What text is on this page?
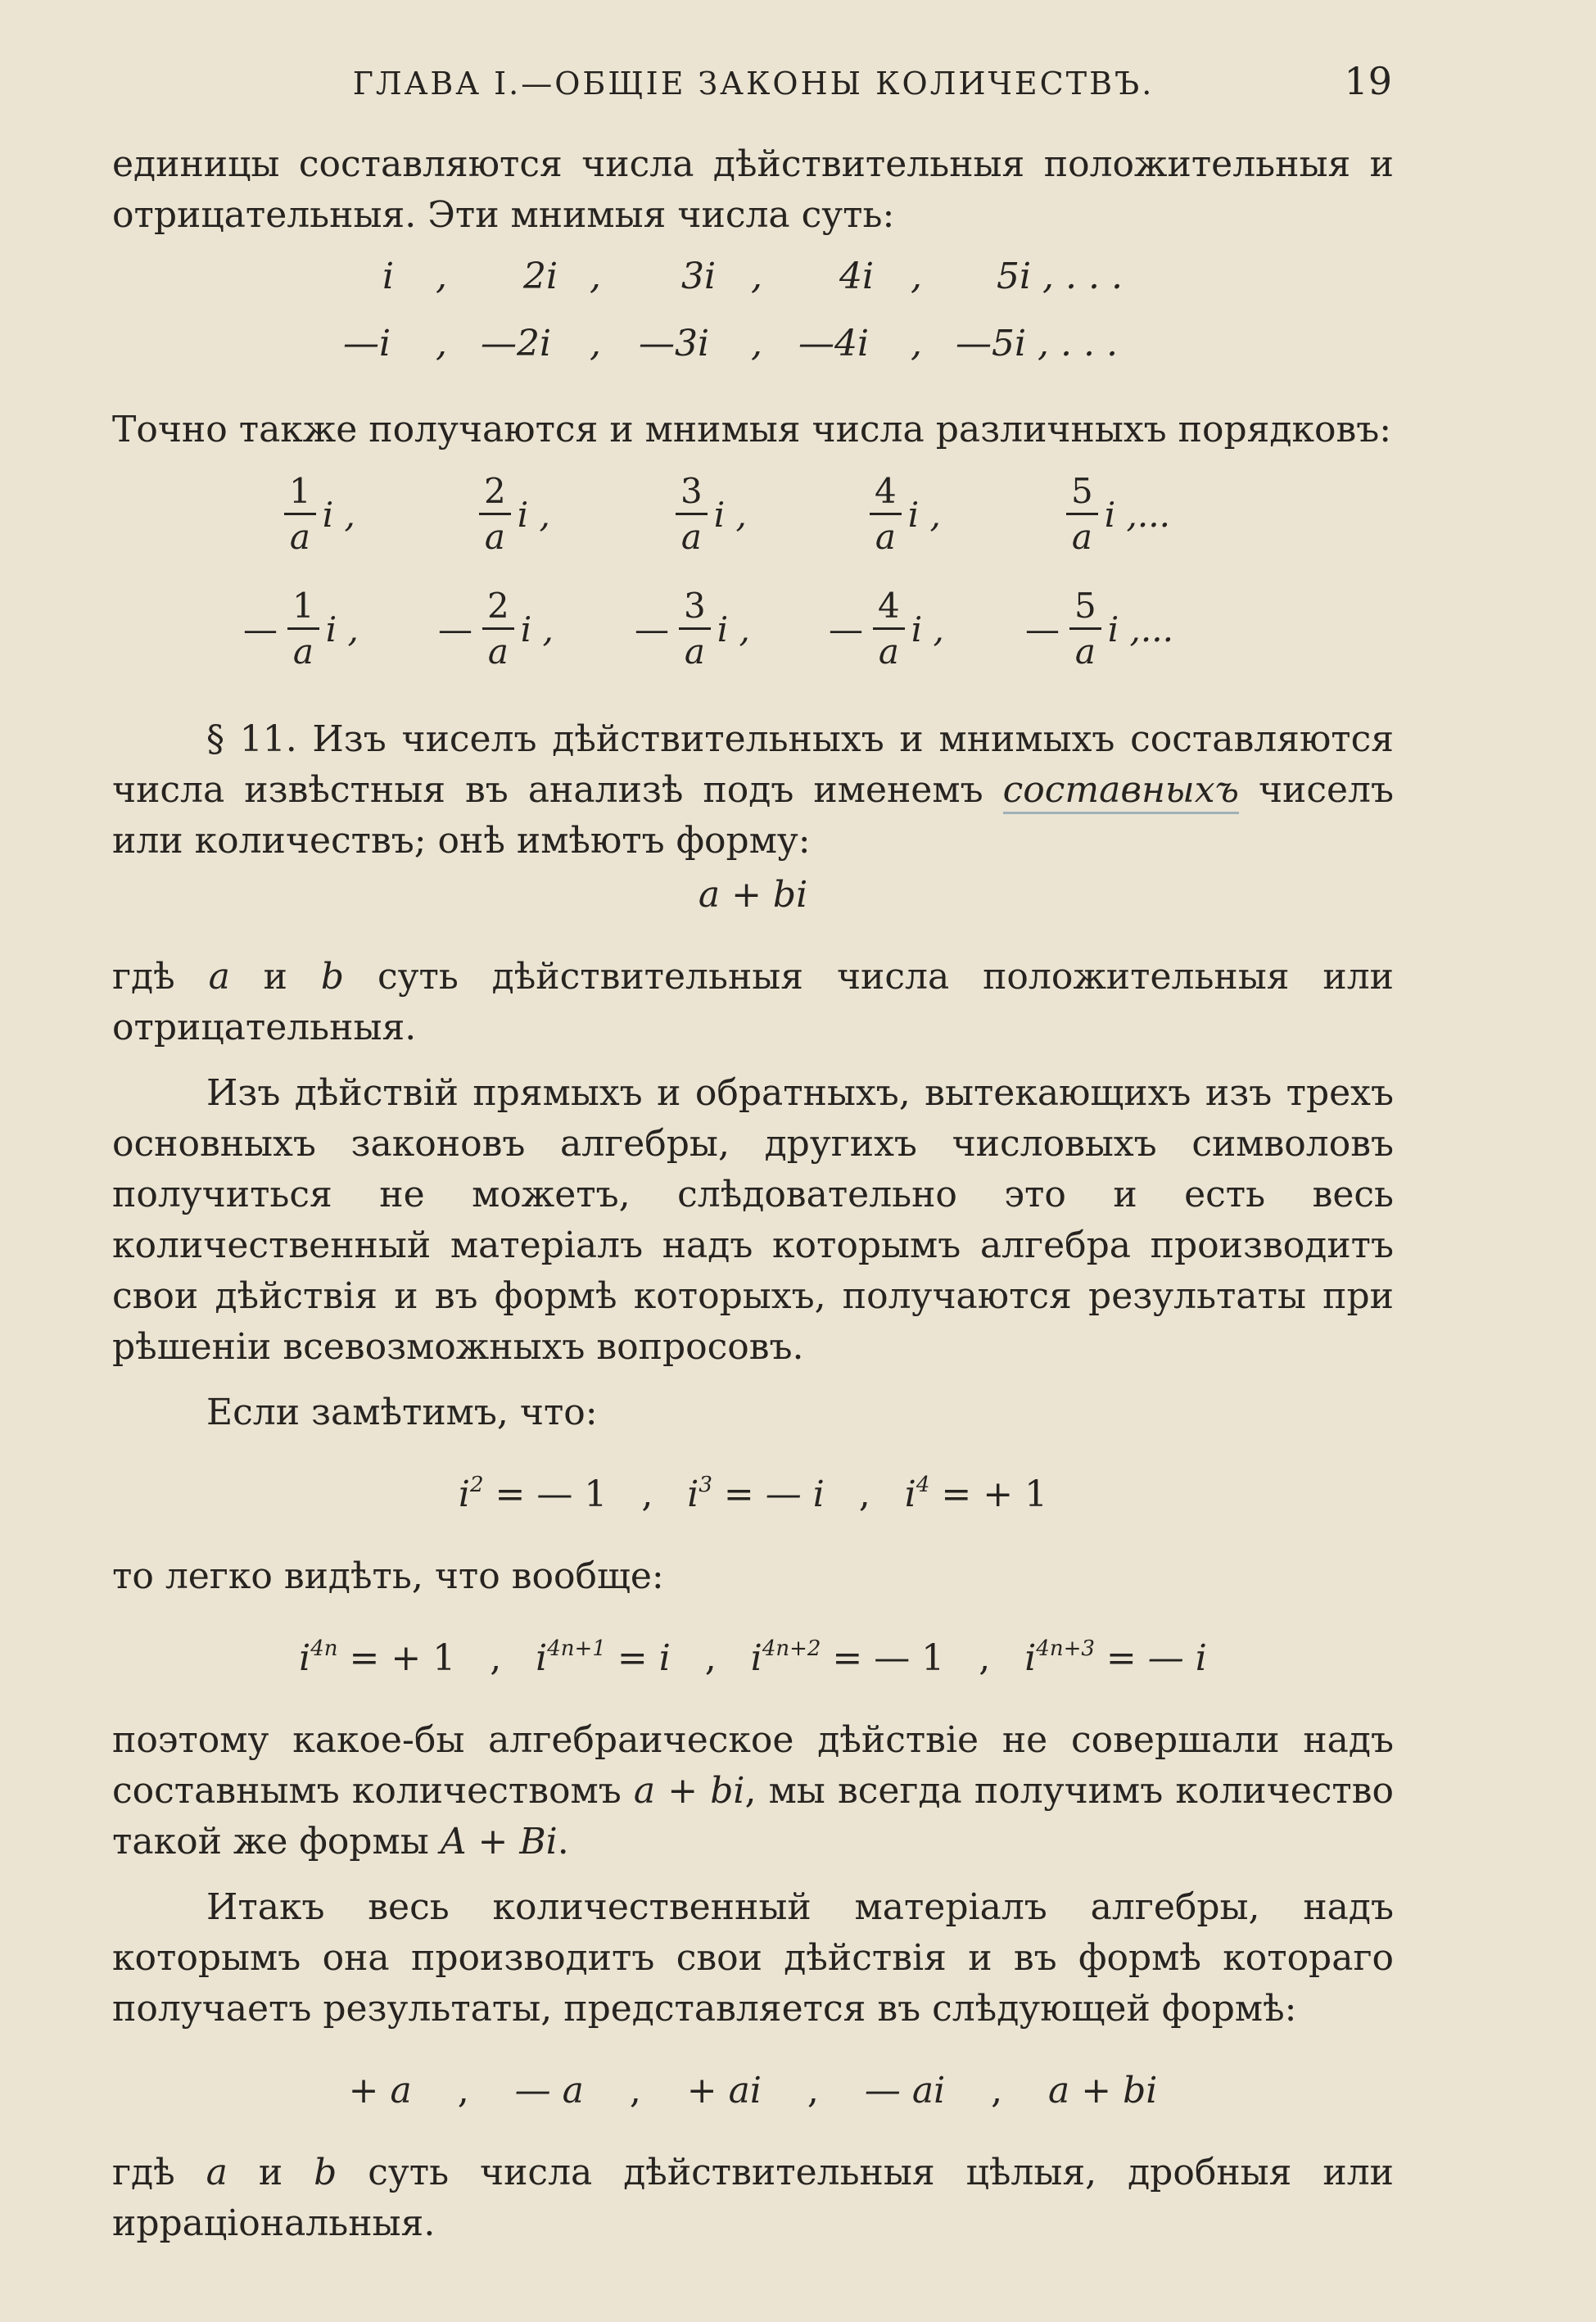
ГЛАВА I.—ОБЩІЕ ЗАКОНЫ КОЛИЧЕСТВЪ.	19

единицы составляются числа дѣйствительныя положительныя и отрицательныя. Эти мнимыя числа суть:

i , 2i , 3i , 4i , 5i , . . .
—i , —2i , —3i , —4i , —5i , . . .

Точно также получаются и мнимыя числа различныхъ порядковъ:

$\frac{1}{a}$ i ,	$\frac{2}{a}$ i ,	$\frac{3}{a}$ i ,	$\frac{4}{a}$ i ,	$\frac{5}{a}$ i ,...
— $\frac{1}{a}$ i , — $\frac{2}{a}$ i , — $\frac{3}{a}$ i , — $\frac{4}{a}$ i , — $\frac{5}{a}$ i ,...

§ 11. Изъ чиселъ дѣйствительныхъ и мнимыхъ составляются числа извѣстныя въ анализѣ подъ именемъ составныхъ чиселъ или количествъ; онѣ имѣютъ форму:

a + bi

гдѣ a и b суть дѣйствительныя числа положительныя или отрицательныя.

Изъ дѣйствій прямыхъ и обратныхъ, вытекающихъ изъ трехъ основныхъ законовъ алгебры, другихъ числовыхъ символовъ получиться не можетъ, слѣдовательно это и есть весь количественный матеріалъ надъ которымъ алгебра производитъ свои дѣйствія и въ формѣ которыхъ, получаются результаты при рѣшеніи всевозможныхъ вопросовъ.

Если замѣтимъ, что:

$i^2$ = — 1 , $i^3$ = — i , $i^4$ = + 1

то легко видѣть, что вообще:

$i^{4n}$ = + 1 , $i^{4n+1} = i$ , $i^{4n+2}$ = — 1 , $i^{4n+3}$ = — i

поэтому какое-бы алгебраическое дѣйствіе не совершали надъ составнымъ количествомъ a + bi, мы всегда получимъ количество такой же формы A + Bi.

Итакъ весь количественный матеріалъ алгебры, надъ которымъ она производитъ свои дѣйствія и въ формѣ котораго получаетъ результаты, представляется въ слѣдующей формѣ:

+ a , — a , + ai , — ai , a + bi

гдѣ a и b суть числа дѣйствительныя цѣлыя, дробныя или ирраціональныя.
